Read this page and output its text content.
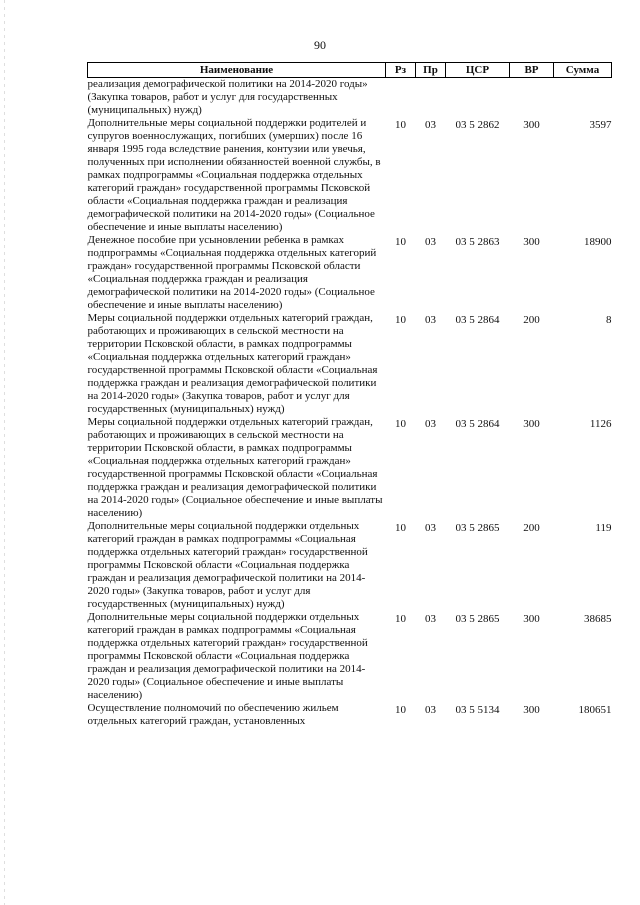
90
Наименование	Рз	Пр	ЦСР	ВР	Сумма
реализация демографической политики на 2014-2020 годы» (Закупка товаров, работ и услуг для государственных (муниципальных) нужд)					
Дополнительные меры социальной поддержки родителей и супругов военнослужащих, погибших (умерших) после 16 января 1995 года вследствие ранения, контузии или увечья, полученных при исполнении обязанностей военной службы, в рамках подпрограммы «Социальная поддержка отдельных категорий граждан» государственной программы Псковской области «Социальная поддержка граждан и реализация демографической политики на 2014-2020 годы» (Социальное обеспечение и иные выплаты населению)	10	03	03 5 2862	300	3597
Денежное пособие при усыновлении ребенка в рамках подпрограммы «Социальная поддержка отдельных категорий граждан» государственной программы Псковской области «Социальная поддержка граждан и реализация демографической политики на 2014-2020 годы» (Социальное обеспечение и иные выплаты населению)	10	03	03 5 2863	300	18900
Меры социальной поддержки отдельных категорий граждан, работающих и проживающих в сельской местности на территории Псковской области, в рамках подпрограммы «Социальная поддержка отдельных категорий граждан» государственной программы Псковской области «Социальная поддержка граждан и реализация демографической политики на 2014-2020 годы» (Закупка товаров, работ и услуг для государственных (муниципальных) нужд)	10	03	03 5 2864	200	8
Меры социальной поддержки отдельных категорий граждан, работающих и проживающих в сельской местности на территории Псковской области, в рамках подпрограммы «Социальная поддержка отдельных категорий граждан» государственной программы Псковской области «Социальная поддержка граждан и реализация демографической политики на 2014-2020 годы» (Социальное обеспечение и иные выплаты населению)	10	03	03 5 2864	300	1126
Дополнительные меры социальной поддержки отдельных категорий граждан в рамках подпрограммы «Социальная поддержка отдельных категорий граждан» государственной программы Псковской области «Социальная поддержка граждан и реализация демографической политики на 2014-2020 годы» (Закупка товаров, работ и услуг для государственных (муниципальных) нужд)	10	03	03 5 2865	200	119
Дополнительные меры социальной поддержки отдельных категорий граждан в рамках подпрограммы «Социальная поддержка отдельных категорий граждан» государственной программы Псковской области «Социальная поддержка граждан и реализация демографической политики на 2014-2020 годы» (Социальное обеспечение и иные выплаты населению)	10	03	03 5 2865	300	38685
Осуществление полномочий по обеспечению жильем отдельных категорий граждан, установленных	10	03	03 5 5134	300	180651
